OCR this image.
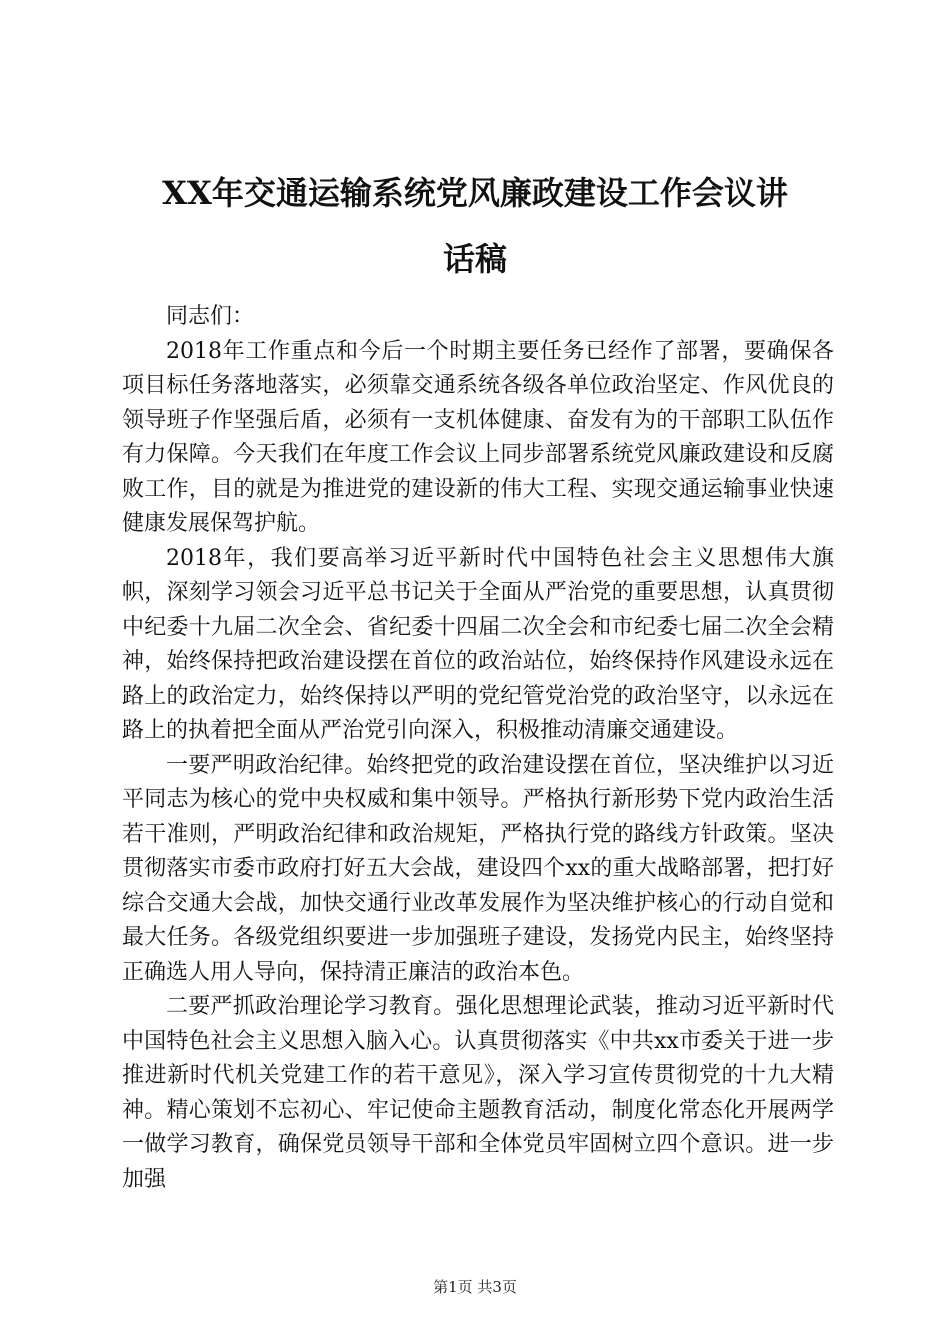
XX年交通运输系统党风廉政建设工作会议讲
话稿

同志们：

2018年工作重点和今后一个时期主要任务已经作了部署，要确保各项目标任务落地落实，必须靠交通系统各级各单位政治坚定、作风优良的领导班子作坚强后盾，必须有一支机体健康、奋发有为的干部职工队伍作有力保障。今天我们在年度工作会议上同步部署系统党风廉政建设和反腐败工作，目的就是为推进党的建设新的伟大工程、实现交通运输事业快速健康发展保驾护航。

2018年，我们要高举习近平新时代中国特色社会主义思想伟大旗帜，深刻学习领会习近平总书记关于全面从严治党的重要思想，认真贯彻中纪委十九届二次全会、省纪委十四届二次全会和市纪委七届二次全会精神，始终保持把政治建设摆在首位的政治站位，始终保持作风建设永远在路上的政治定力，始终保持以严明的党纪管党治党的政治坚守，以永远在路上的执着把全面从严治党引向深入，积极推动清廉交通建设。

一要严明政治纪律。始终把党的政治建设摆在首位，坚决维护以习近平同志为核心的党中央权威和集中领导。严格执行新形势下党内政治生活若干准则，严明政治纪律和政治规矩，严格执行党的路线方针政策。坚决贯彻落实市委市政府打好五大会战，建设四个xx的重大战略部署，把打好综合交通大会战，加快交通行业改革发展作为坚决维护核心的行动自觉和最大任务。各级党组织要进一步加强班子建设，发扬党内民主，始终坚持正确选人用人导向，保持清正廉洁的政治本色。

二要严抓政治理论学习教育。强化思想理论武装，推动习近平新时代中国特色社会主义思想入脑入心。认真贯彻落实《中共xx市委关于进一步推进新时代机关党建工作的若干意见》，深入学习宣传贯彻党的十九大精神。精心策划不忘初心、牢记使命主题教育活动，制度化常态化开展两学一做学习教育，确保党员领导干部和全体党员牢固树立四个意识。进一步加强

第1页 共3页
